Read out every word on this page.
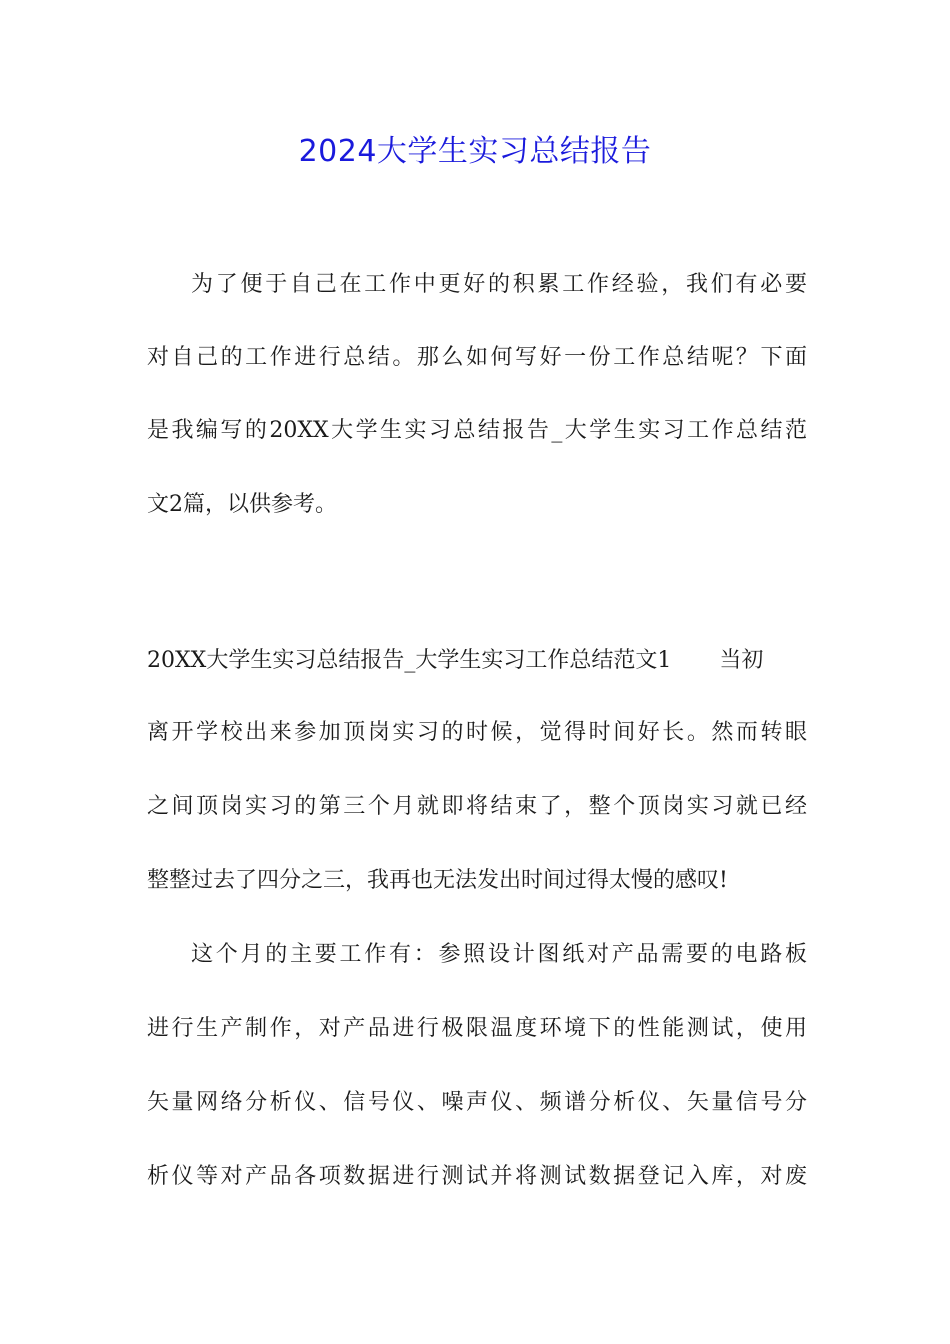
2024大学生实习总结报告
为了便于自己在工作中更好的积累工作经验，我们有必要
对自己的工作进行总结。那么如何写好一份工作总结呢？下面
是我编写的20XX大学生实习总结报告_大学生实习工作总结范
文2篇，以供参考。
20XX大学生实习总结报告_大学生实习工作总结范文1 当初
离开学校出来参加顶岗实习的时候，觉得时间好长。然而转眼
之间顶岗实习的第三个月就即将结束了，整个顶岗实习就已经
整整过去了四分之三，我再也无法发出时间过得太慢的感叹!
这个月的主要工作有：参照设计图纸对产品需要的电路板
进行生产制作，对产品进行极限温度环境下的性能测试，使用
矢量网络分析仪、信号仪、噪声仪、频谱分析仪、矢量信号分
析仪等对产品各项数据进行测试并将测试数据登记入库，对废
